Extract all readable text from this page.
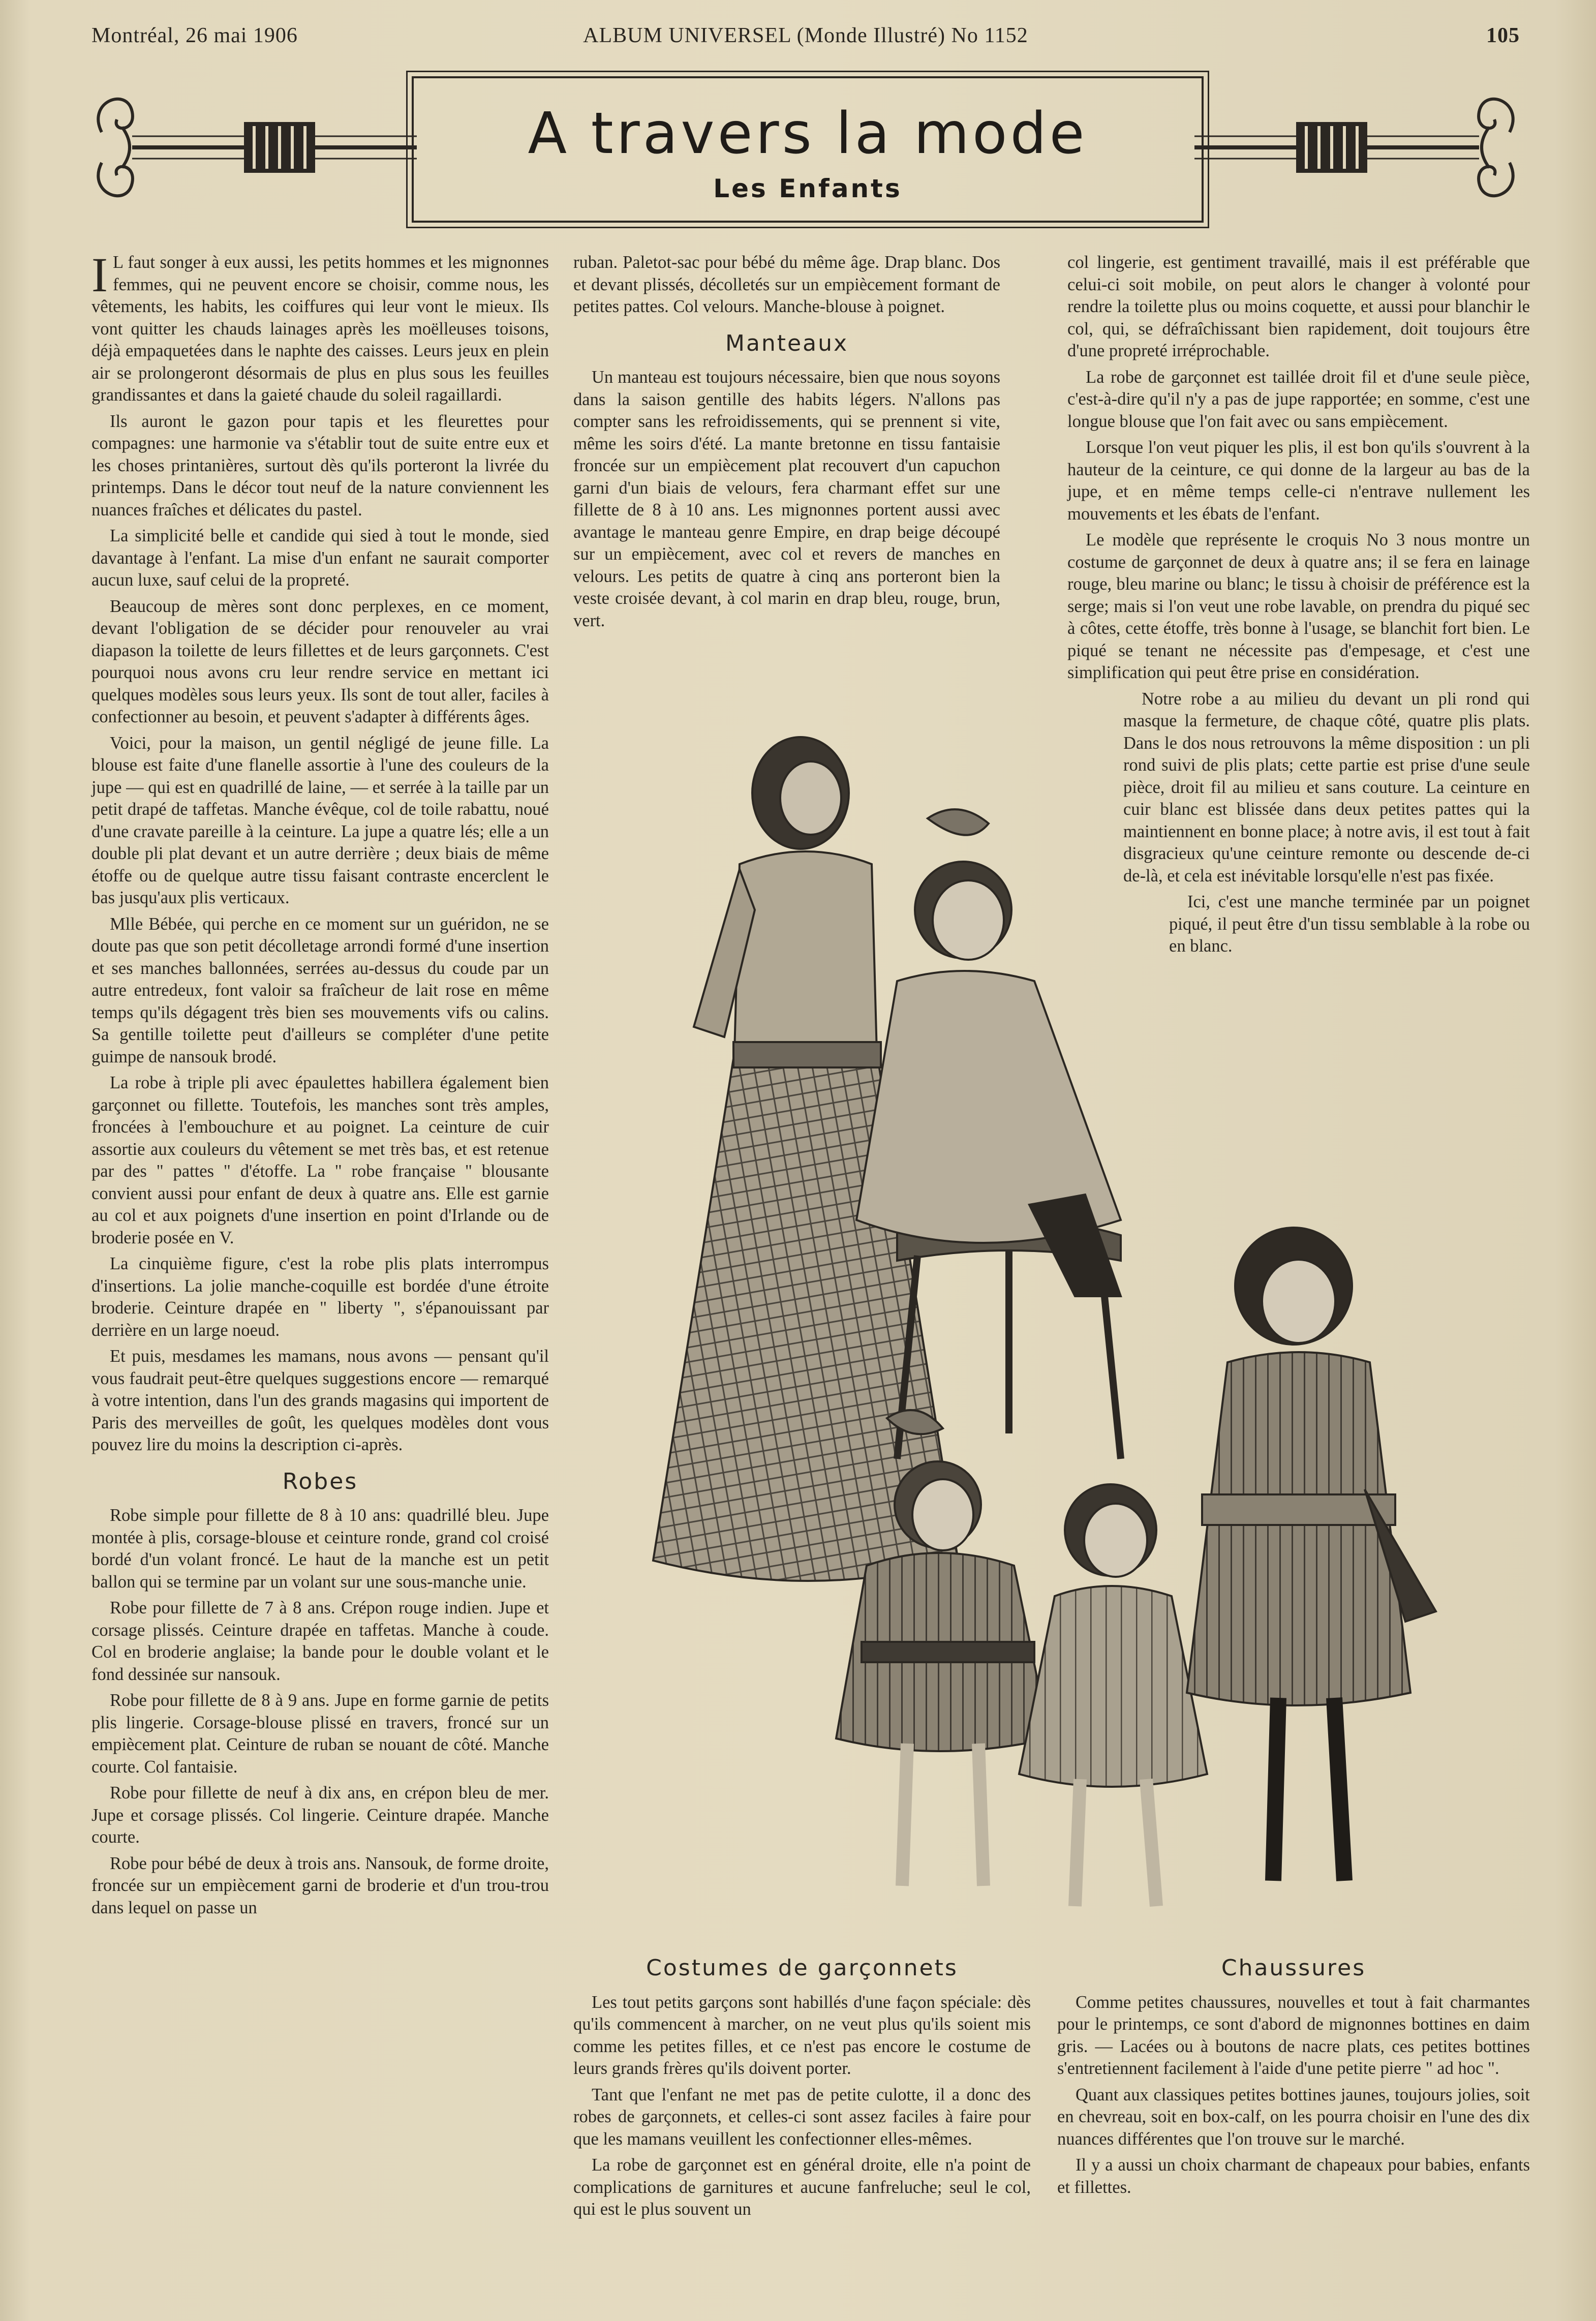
Montréal, 26 mai 1906	ALBUM UNIVERSEL (Monde Illustré) No 1152	105
A travers la mode
Les Enfants

I L faut songer à eux aussi, les petits hommes et les mignonnes femmes, qui ne peuvent encore se choisir, comme nous, les vêtements, les habits, les coiffures qui leur vont le mieux. Ils vont quitter les chauds lainages après les moëlleuses toisons, déjà empaquetées dans le naphte des caisses. Leurs jeux en plein air se prolongeront désormais de plus en plus sous les feuilles grandissantes et dans la gaieté chaude du soleil ragaillardi.

Ils auront le gazon pour tapis et les fleurettes pour compagnes: une harmonie va s'établir tout de suite entre eux et les choses printanières, surtout dès qu'ils porteront la livrée du printemps. Dans le décor tout neuf de la nature conviennent les nuances fraîches et délicates du pastel.

La simplicité belle et candide qui sied à tout le monde, sied davantage à l'enfant. La mise d'un enfant ne saurait comporter aucun luxe, sauf celui de la propreté.

Beaucoup de mères sont donc perplexes, en ce moment, devant l'obligation de se décider pour renouveler au vrai diapason la toilette de leurs fillettes et de leurs garçonnets. C'est pourquoi nous avons cru leur rendre service en mettant ici quelques modèles sous leurs yeux. Ils sont de tout aller, faciles à confectionner au besoin, et peuvent s'adapter à différents âges.

Voici, pour la maison, un gentil négligé de jeune fille. La blouse est faite d'une flanelle assortie à l'une des couleurs de la jupe — qui est en quadrillé de laine, — et serrée à la taille par un petit drapé de taffetas. Manche évêque, col de toile rabattu, noué d'une cravate pareille à la ceinture. La jupe a quatre lés; elle a un double pli plat devant et un autre derrière ; deux biais de même étoffe ou de quelque autre tissu faisant contraste encerclent le bas jusqu'aux plis verticaux.

Mlle Bébée, qui perche en ce moment sur un guéridon, ne se doute pas que son petit décolletage arrondi formé d'une insertion et ses manches ballonnées, serrées au-dessus du coude par un autre entredeux, font valoir sa fraîcheur de lait rose en même temps qu'ils dégagent très bien ses mouvements vifs ou calins. Sa gentille toilette peut d'ailleurs se compléter d'une petite guimpe de nansouk brodé.

La robe à triple pli avec épaulettes habillera également bien garçonnet ou fillette. Toutefois, les manches sont très amples, froncées à l'embouchure et au poignet. La ceinture de cuir assortie aux couleurs du vêtement se met très bas, et est retenue par des " pattes " d'étoffe. La " robe française " blousante convient aussi pour enfant de deux à quatre ans. Elle est garnie au col et aux poignets d'une insertion en point d'Irlande ou de broderie posée en V.

La cinquième figure, c'est la robe plis plats interrompus d'insertions. La jolie manche-coquille est bordée d'une étroite broderie. Ceinture drapée en " liberty ", s'épanouissant par derrière en un large noeud.

Et puis, mesdames les mamans, nous avons — pensant qu'il vous faudrait peut-être quelques suggestions encore — remarqué à votre intention, dans l'un des grands magasins qui importent de Paris des merveilles de goût, les quelques modèles dont vous pouvez lire du moins la description ci-après.

Robes

Robe simple pour fillette de 8 à 10 ans: quadrillé bleu. Jupe montée à plis, corsage-blouse et ceinture ronde, grand col croisé bordé d'un volant froncé. Le haut de la manche est un petit ballon qui se termine par un volant sur une sous-manche unie.

Robe pour fillette de 7 à 8 ans. Crépon rouge indien. Jupe et corsage plissés. Ceinture drapée en taffetas. Manche à coude. Col en broderie anglaise; la bande pour le double volant et le fond dessinée sur nansouk.

Robe pour fillette de 8 à 9 ans. Jupe en forme garnie de petits plis lingerie. Corsage-blouse plissé en travers, froncé sur un empiècement plat. Ceinture de ruban se nouant de côté. Manche courte. Col fantaisie.

Robe pour fillette de neuf à dix ans, en crépon bleu de mer. Jupe et corsage plissés. Col lingerie. Ceinture drapée. Manche courte.

Robe pour bébé de deux à trois ans. Nansouk, de forme droite, froncée sur un empiècement garni de broderie et d'un trou-trou dans lequel on passe un

ruban. Paletot-sac pour bébé du même âge. Drap blanc. Dos et devant plissés, décolletés sur un empiècement formant de petites pattes. Col velours. Manche-blouse à poignet.

Manteaux

Un manteau est toujours nécessaire, bien que nous soyons dans la saison gentille des habits légers. N'allons pas compter sans les refroidissements, qui se prennent si vite, même les soirs d'été. La mante bretonne en tissu fantaisie froncée sur un empiècement plat recouvert d'un capuchon garni d'un biais de velours, fera charmant effet sur une fillette de 8 à 10 ans. Les mignonnes portent aussi avec avantage le manteau genre Empire, en drap beige découpé sur un empiècement, avec col et revers de manches en velours. Les petits de quatre à cinq ans porteront bien la veste croisée devant, à col marin en drap bleu, rouge, brun, vert.

col lingerie, est gentiment travaillé, mais il est préférable que celui-ci soit mobile, on peut alors le changer à volonté pour rendre la toilette plus ou moins coquette, et aussi pour blanchir le col, qui, se défraîchissant bien rapidement, doit toujours être d'une propreté irréprochable.

La robe de garçonnet est taillée droit fil et d'une seule pièce, c'est-à-dire qu'il n'y a pas de jupe rapportée; en somme, c'est une longue blouse que l'on fait avec ou sans empiècement.

Lorsque l'on veut piquer les plis, il est bon qu'ils s'ouvrent à la hauteur de la ceinture, ce qui donne de la largeur au bas de la jupe, et en même temps celle-ci n'entrave nullement les mouvements et les ébats de l'enfant.

Le modèle que représente le croquis No 3 nous montre un costume de garçonnet de deux à quatre ans; il se fera en lainage rouge, bleu marine ou blanc; le tissu à choisir de préférence est la serge; mais si l'on veut une robe lavable, on prendra du piqué sec à côtes, cette étoffe, très bonne à l'usage, se blanchit fort bien. Le piqué se tenant ne nécessite pas d'empesage, et c'est une simplification qui peut être prise en considération.

Notre robe a au milieu du devant un pli rond qui masque la fermeture, de chaque côté, quatre plis plats. Dans le dos nous retrouvons la même disposition : un pli rond suivi de plis plats; cette partie est prise d'une seule pièce, droit fil au milieu et sans couture. La ceinture en cuir blanc est blissée dans deux petites pattes qui la maintiennent en bonne place; à notre avis, il est tout à fait disgracieux qu'une ceinture remonte ou descende de-ci de-là, et cela est inévitable lorsqu'elle n'est pas fixée.

Ici, c'est une manche terminée par un poignet piqué, il peut être d'un tissu semblable à la robe ou en blanc.

Costumes de garçonnets

Les tout petits garçons sont habillés d'une façon spéciale: dès qu'ils commencent à marcher, on ne veut plus qu'ils soient mis comme les petites filles, et ce n'est pas encore le costume de leurs grands frères qu'ils doivent porter.

Tant que l'enfant ne met pas de petite culotte, il a donc des robes de garçonnets, et celles-ci sont assez faciles à faire pour que les mamans veuillent les confectionner elles-mêmes.

La robe de garçonnet est en général droite, elle n'a point de complications de garnitures et aucune fanfreluche; seul le col, qui est le plus souvent un

Chaussures

Comme petites chaussures, nouvelles et tout à fait charmantes pour le printemps, ce sont d'abord de mignonnes bottines en daim gris. — Lacées ou à boutons de nacre plats, ces petites bottines s'entretiennent facilement à l'aide d'une petite pierre " ad hoc ".

Quant aux classiques petites bottines jaunes, toujours jolies, soit en chevreau, soit en box-calf, on les pourra choisir en l'une des dix nuances différentes que l'on trouve sur le marché.

Il y a aussi un choix charmant de chapeaux pour babies, enfants et fillettes.
